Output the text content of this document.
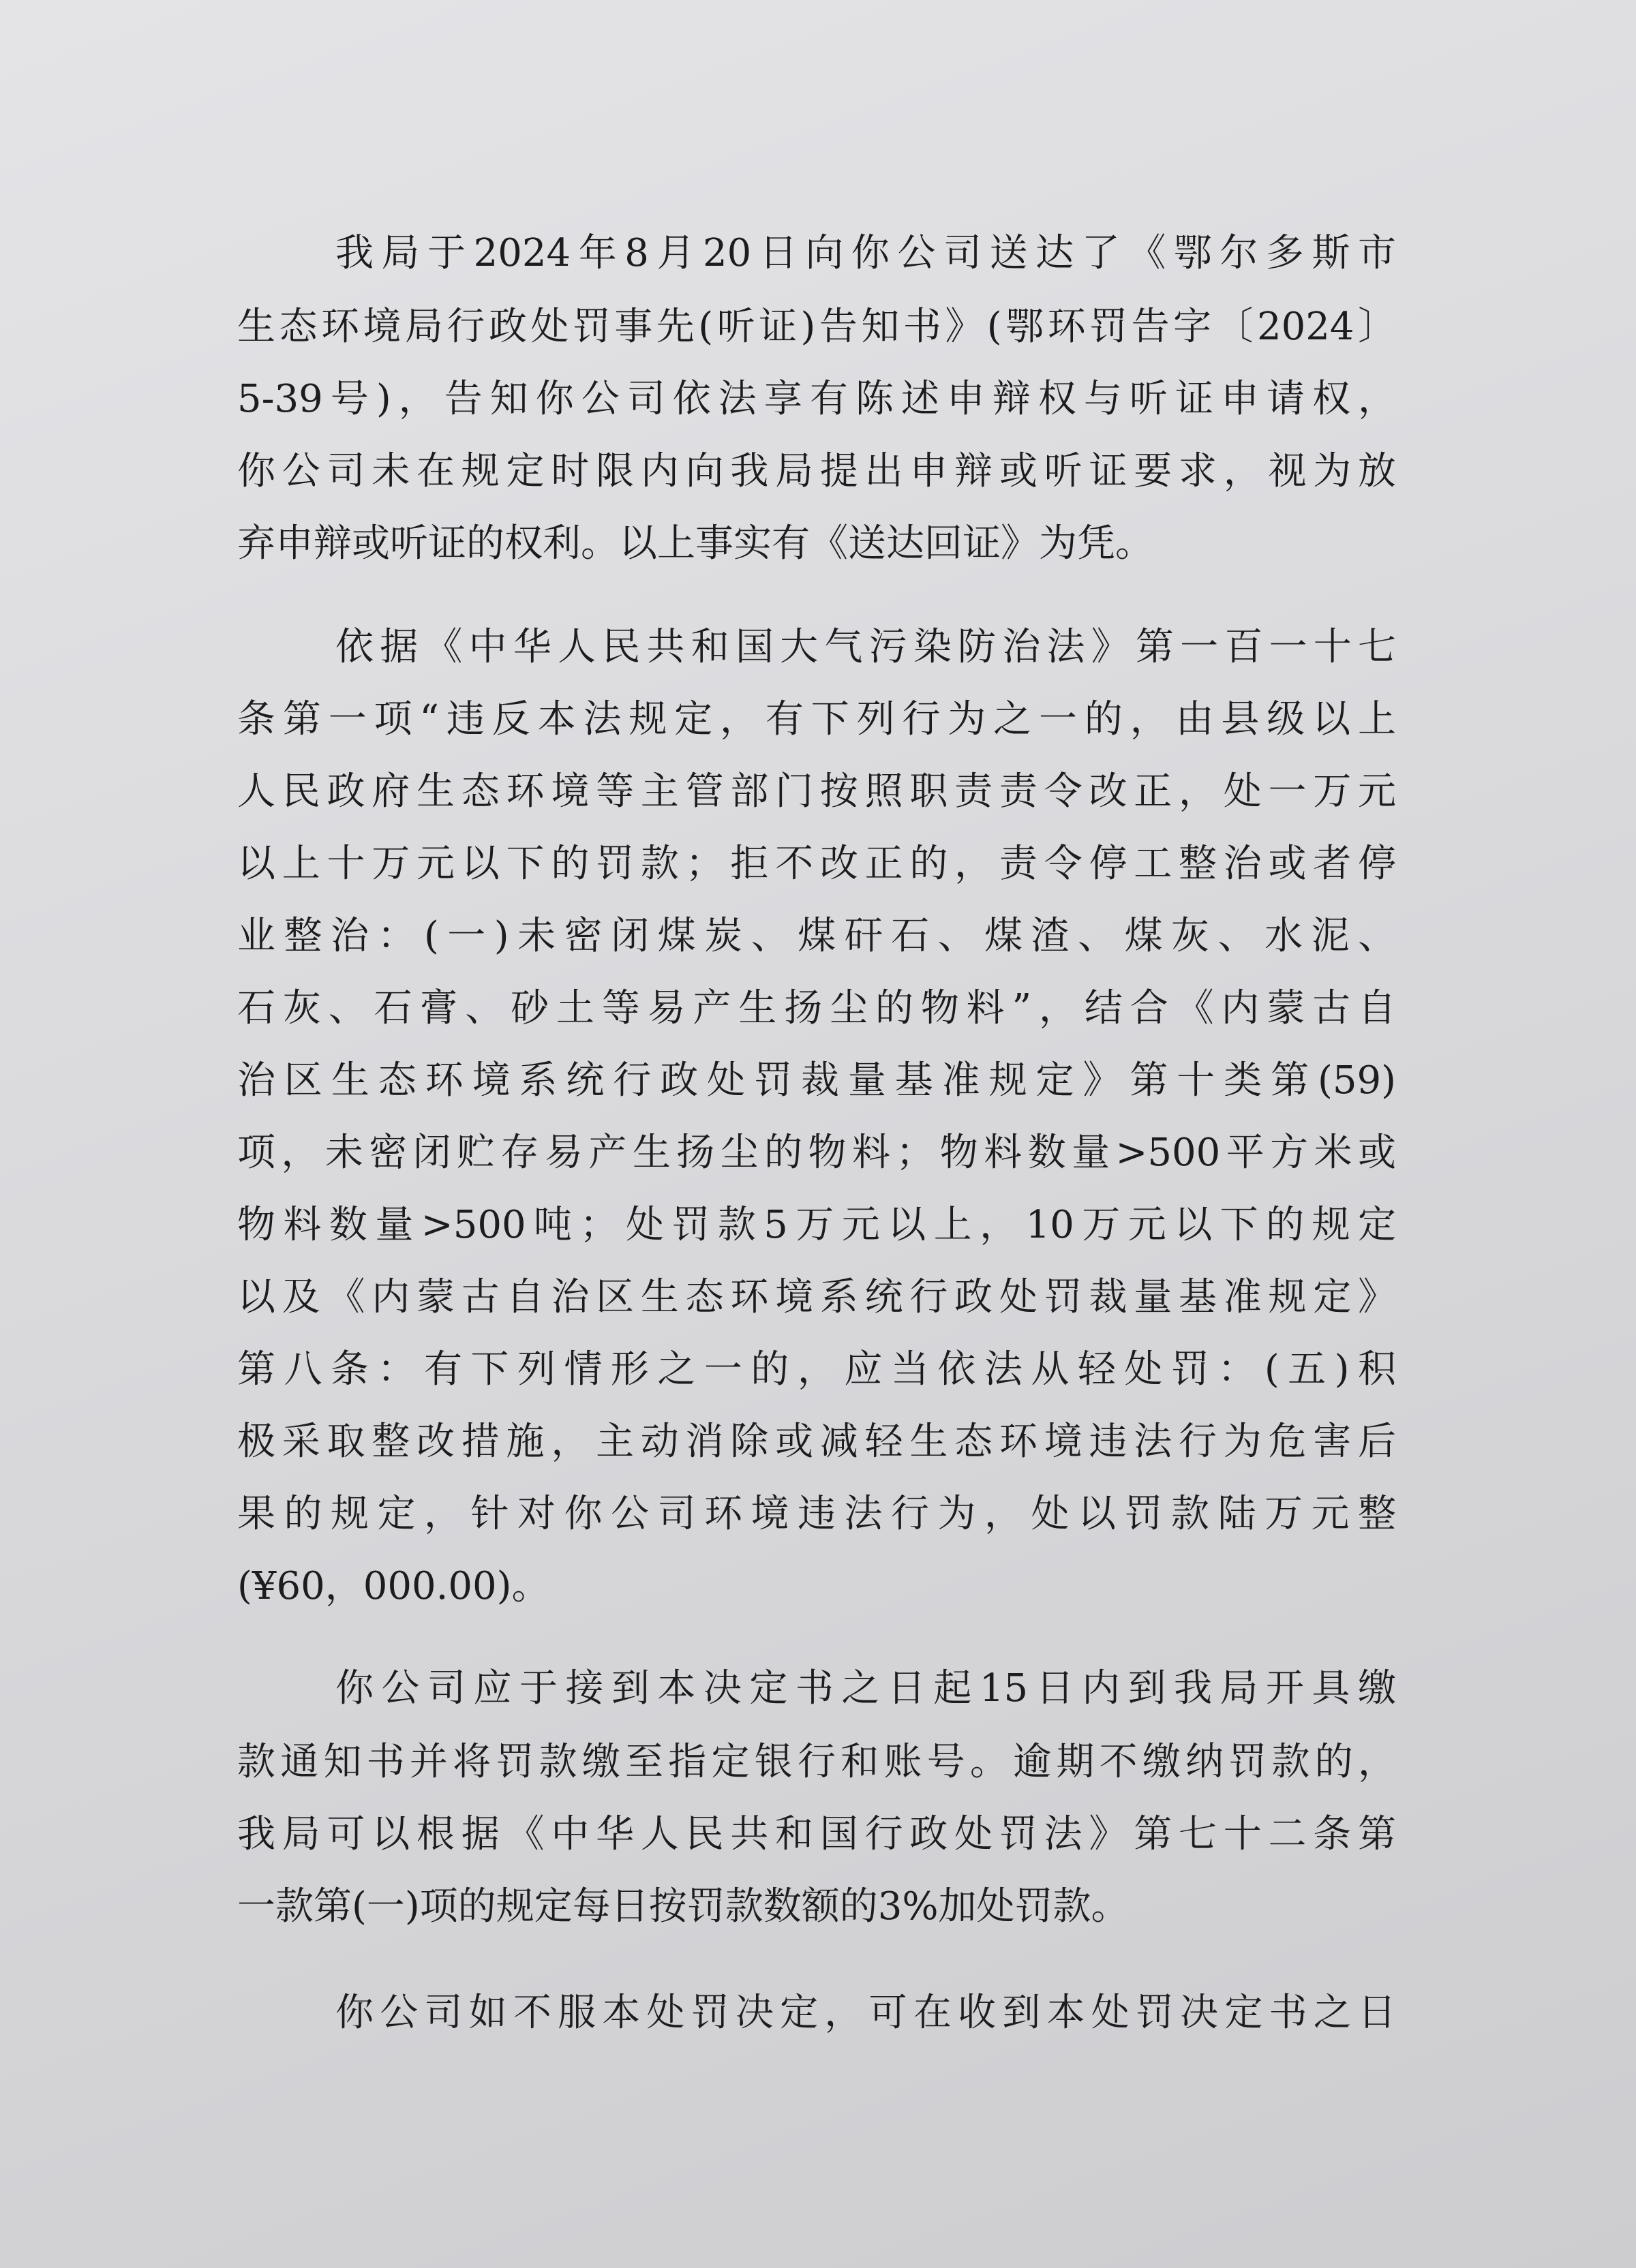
我局于2024年8月20日向你公司送达了《鄂尔多斯市
生态环境局行政处罚事先(听证)告知书》(鄂环罚告字〔2024〕
5-39号)，告知你公司依法享有陈述申辩权与听证申请权，
你公司未在规定时限内向我局提出申辩或听证要求，视为放
弃申辩或听证的权利。以上事实有《送达回证》为凭。
依据《中华人民共和国大气污染防治法》第一百一十七
条第一项“违反本法规定，有下列行为之一的，由县级以上
人民政府生态环境等主管部门按照职责责令改正，处一万元
以上十万元以下的罚款；拒不改正的，责令停工整治或者停
业整治：(一)未密闭煤炭、煤矸石、煤渣、煤灰、水泥、
石灰、石膏、砂土等易产生扬尘的物料”，结合《内蒙古自
治区生态环境系统行政处罚裁量基准规定》第十类第(59)
项，未密闭贮存易产生扬尘的物料；物料数量>500平方米或
物料数量>500吨；处罚款5万元以上，10万元以下的规定
以及《内蒙古自治区生态环境系统行政处罚裁量基准规定》
第八条：有下列情形之一的，应当依法从轻处罚：(五)积
极采取整改措施，主动消除或减轻生态环境违法行为危害后
果的规定，针对你公司环境违法行为，处以罚款陆万元整
(¥60，000.00)。
你公司应于接到本决定书之日起15日内到我局开具缴
款通知书并将罚款缴至指定银行和账号。逾期不缴纳罚款的，
我局可以根据《中华人民共和国行政处罚法》第七十二条第
一款第(一)项的规定每日按罚款数额的3%加处罚款。
你公司如不服本处罚决定，可在收到本处罚决定书之日
